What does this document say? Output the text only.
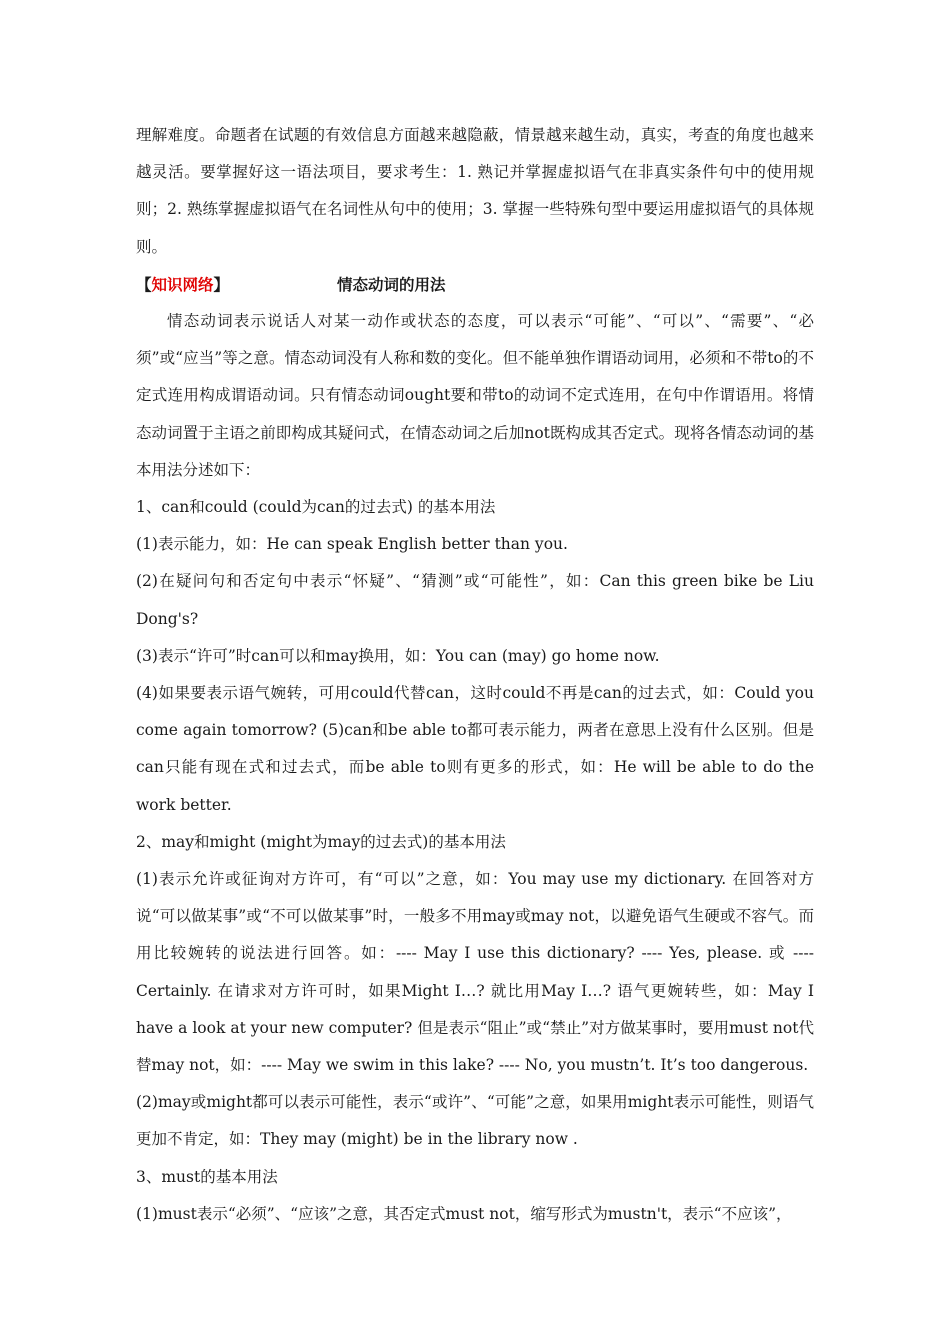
理解难度。命题者在试题的有效信息方面越来越隐蔽，情景越来越生动，真实，考查的角度也越来越灵活。要掌握好这一语法项目，要求考生：1. 熟记并掌握虚拟语气在非真实条件句中的使用规则；2. 熟练掌握虚拟语气在名词性从句中的使用；3. 掌握一些特殊句型中要运用虚拟语气的具体规则。

【知识网络】	情态动词的用法

情态动词表示说话人对某一动作或状态的态度，可以表示“可能”、“可以”、“需要”、“必须”或“应当”等之意。情态动词没有人称和数的变化。但不能单独作谓语动词用，必须和不带to的不定式连用构成谓语动词。只有情态动词ought要和带to的动词不定式连用，在句中作谓语用。将情态动词置于主语之前即构成其疑问式，在情态动词之后加not既构成其否定式。现将各情态动词的基本用法分述如下：

1、can和could (could为can的过去式) 的基本用法

(1)表示能力，如：He can speak English better than you.

(2)在疑问句和否定句中表示“怀疑”、“猜测”或“可能性”，如：Can this green bike be Liu Dong's?

(3)表示“许可”时can可以和may换用，如：You can (may) go home now.

(4)如果要表示语气婉转，可用could代替can，这时could不再是can的过去式，如：Could you come again tomorrow? (5)can和be able to都可表示能力，两者在意思上没有什么区别。但是can只能有现在式和过去式，而be able to则有更多的形式，如：He will be able to do the work better.

2、may和might (might为may的过去式)的基本用法

(1)表示允许或征询对方许可，有“可以”之意，如：You may use my dictionary. 在回答对方说“可以做某事”或“不可以做某事”时，一般多不用may或may not，以避免语气生硬或不容气。而用比较婉转的说法进行回答。如：---- May I use this dictionary? ---- Yes, please. 或 ---- Certainly. 在请求对方许可时，如果Might I…? 就比用May I…? 语气更婉转些，如：May I have a look at your new computer? 但是表示“阻止”或“禁止”对方做某事时，要用must not代替may not，如：---- May we swim in this lake? ---- No, you mustn’t. It’s too dangerous.

(2)may或might都可以表示可能性，表示“或许”、“可能”之意，如果用might表示可能性，则语气更加不肯定，如：They may (might) be in the library now .

3、must的基本用法

(1)must表示“必须”、“应该”之意，其否定式must not，缩写形式为mustn't，表示“不应该”，
